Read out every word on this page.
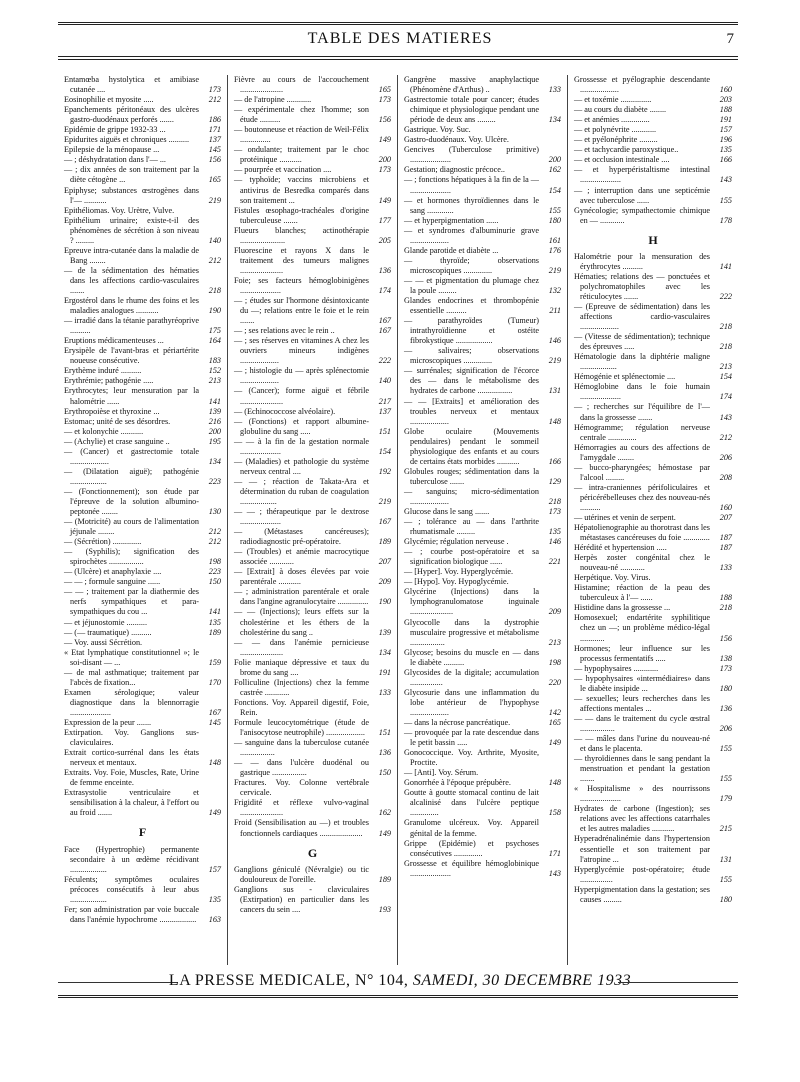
TABLE DES MATIERES	7
Entamœba hystolytica et amibiase cutanée ....	173
Eosinophilie et myosite .....	212
Epanchements péritonéaux des ulcères gastro-duodénaux perforés .......	186
Epidémie de grippe 1932-33 ...	171
Epidurites aiguës et chroniques .......... 137
Epilepsie de la ménopause ...	145
— ; déshydratation dans l'— ...	156
— ; dix années de son traitement par la diète cétogène ...	165
Epiphyse; substances œstrogènes dans l'— ...........	219
Epithéliomas. Voy. Urètre, Vulve.
Epithélium urinaire; existe-t-il des phénomènes de sécrétion à son niveau ? .........	140
Epreuve intra-cutanée dans la maladie de Bang ........	212
— de la sédimentation des hématies dans les affections cardio-vasculaires .......	218
Ergostérol dans le rhume des foins et les maladies analogues ...........	190
— irradié dans la tétanie parathyréoprive ..........	175
Eruptions médicamenteuses ...	164
Erysipèle de l'avant-bras et périartérite noueuse consécutive.	183
Erythème induré ..........	152
Erythrémie; pathogénie .....	213
Erythrocytes; leur mensuration par la halométrie ......	141
Erythropoièse et thyroxine ...	139
Estomac; unité de ses désordres.	216
— et kolonychie ...........	200
— (Achylie) et crase sanguine ..	195
— (Cancer) et gastrectomie totale ...................	134
— (Dilatation aiguë); pathogénie ..................	223
— (Fonctionnement); son étude par l'épreuve de la solution albumino-peptonée ........	130
— (Motricité) au cours de l'alimentation jéjunale ........	212
— (Sécrétion) ..............	212
— (Syphilis); signification des spirochètes .................	198
— (Ulcère) et anaphylaxie ....	223
— — ; formule sanguine ......	150
— — ; traitement par la diathermie des nerfs sympathiques et para-sympathiques du cou ...	141
— et jéjunostomie ..........	135
— (— traumatique) ..........	189
— Voy. aussi Sécrétion.
« Etat lymphatique constitutionnel »; le soi-disant — ...	159
— de mal asthmatique; traitement par l'abcès de fixation...	170
Examen sérologique; valeur diagnostique dans la blennorragie ....................	167
Expression de la peur .......	145
Extirpation. Voy. Ganglions sus-claviculaires.
Extrait cortico-surrénal dans les états nerveux et mentaux.	148
Extraits. Voy. Foie, Muscles, Rate, Urine de femme enceinte.
Extrasystolie ventriculaire et sensibilisation à la chaleur, à l'effort ou au froid .......	149
F
Face (Hypertrophie) permanente secondaire à un œdème récidivant ..................	157
Féculents; symptômes oculaires précoces consécutifs à leur abus ..................	135
Fer; son administration par voie buccale dans l'anémie hypochrome .................. 163
Fièvre au cours de l'accouchement .....................	165
— de l'atropine ............	173
— expérimentale chez l'homme; son étude ..........	156
— boutonneuse et réaction de Weil-Félix ...............	149
— ondulante; traitement par le choc protéinique ...........	200
— pourprée et vaccination ....	173
— typhoïde; vaccins microbiens et antivirus de Besredka comparés dans son traitement ...	149
Fistules œsophago-trachéales d'origine tuberculeuse .......	177
Flueurs blanches; actinothérapie ......................	205
Fluorescine et rayons X dans le traitement des tumeurs malignes .....................	136
Foie; ses facteurs hémoglobinigènes ....................	174
— ; études sur l'hormone désintoxicante du —; relations entre le foie et le rein .......	167
— ; ses relations avec le rein ..	167
— ; ses réserves en vitamines A chez les ouvriers mineurs indigènes ...................	222
— ; histologie du — après splénectomie ...................	140
— (Cancer); forme aiguë et fébrile .....................	217
— (Echinococcose alvéolaire).	137
— (Fonctions) et rapport albumine-globuline du sang .....	151
— — à la fin de la gestation normale ....................	154
— (Maladies) et pathologie du système nerveux central ....	192
— — ; réaction de Takata-Ara et détermination du ruban de coagulation ..................	219
— — ; thérapeutique par le dextrose ....................	167
— (Métastases cancéreuses); radiodiagnostic pré-opératoire.	189
— (Troubles) et anémie macrocytique associée ............	207
— [Extrait] à doses élevées par voie parentérale ...........	209
— ; administration parentérale et orale dans l'angine agranulocytaire ............... 190
— — (Injections); leurs effets sur la cholestérine et les éthers de la cholestérine du sang ..	139
— — dans l'anémie pernicieuse .....................	134
Folie maniaque dépressive et taux du brome du sang ....	191
Folliculine (Injections) chez la femme castrée ............	133
Fonctions. Voy. Appareil digestif, Foie, Rein.
Formule leucocytométrique (étude de l'anisocytose neutrophile) ................... 151
— sanguine dans la tuberculose cutanée .................	136
— — dans l'ulcère duodénal ou gastrique .................	150
Fractures. Voy. Colonne vertébrale cervicale.
Frigidité et réflexe vulvo-vaginal .....................	162
Froid (Sensibilisation au —) et troubles fonctionnels cardiaques ..................... 149
G
Ganglions géniculé (Névralgie) ou tic douloureux de l'oreille.	189
Ganglions sus - claviculaires (Extirpation) en particulier dans les cancers du sein ....	193
Gangrène massive anaphylactique (Phénomène d'Arthus) ..	133
Gastrectomie totale pour cancer; études chimique et physiologique pendant une période de deux ans .........	134
Gastrique. Voy. Suc.
Gastro-duodénaux. Voy. Ulcère.
Gencives (Tuberculose primitive) ....................	200
Gestation; diagnostic précoce..	162
— ; fonctions hépatiques à la fin de la — ....................	154
— et hormones thyroïdiennes dans le sang .............	155
— et hyperpigmentation ......	180
— et syndromes d'albuminurie grave ...................	161
Glande parotide et diabète ...	176
— thyroïde; observations microscopiques ..............	219
— — et pigmentation du plumage chez la poule .........	132
Glandes endocrines et thrombopénie essentielle ..........	211
— parathyroïdes (Tumeur) intrathyroïdienne et ostéite fibrokystique ..................	146
— salivaires; observations microscopiques ..............	219
— surrénales; signification de l'écorce des — dans le métabolisme des hydrates de carbone .................	131
— — [Extraits] et amélioration des troubles nerveux et mentaux ...................	148
Globe oculaire (Mouvements pendulaires) pendant le sommeil physiologique des enfants et au cours de certains états morbides ...........	166
Globules rouges; sédimentation dans la tuberculose .......	129
— sanguins; micro-sédimentation ...................	218
Glucose dans le sang .......	173
— ; tolérance au — dans l'arthrite rhumatismale .........	135
Glycémie; régulation nerveuse .	146
— ; courbe post-opératoire et sa signification biologique ......	221
— [Hyper]. Voy. Hyperglycémie.
— [Hypo]. Voy. Hypoglycémie.
Glycérine (Injections) dans la lymphogranulomatose inguinale .....................	209
Glycocolle dans la dystrophie musculaire progressive et métabolisme .................	213
Glycose; besoins du muscle en — dans le diabète ..........	198
Glycosides de la digitale; accumulation ................	220
Glycosurie dans une inflammation du lobe antérieur de l'hypophyse ...................	142
— dans la nécrose pancréatique.	165
— provoquée par la rate descendue dans le petit bassin .....	149
Gonococcique. Voy. Arthrite, Myosite, Proctite.
— [Anti]. Voy. Sérum.
Gonorrhée à l'époque prépubère.	148
Goutte à goutte stomacal continu de lait alcalinisé dans l'ulcère peptique ..............	158
Granulome ulcéreux. Voy. Appareil génital de la femme.
Grippe (Epidémie) et psychoses consécutives ..............	171
Grossesse et équilibre hémoglobinique ....................	143
Grossesse et pyélographie descendante ...................	160
— et toxémie ...............	203
— au cours du diabète ........	188
— et anémies ..............	191
— et polynévrite ............	157
— et pyélonéphrite .........	196
— et tachycardie paroxystique..	135
— et occlusion intestinale ....	166
— et hyperpéristaltisme intestinal ....................	143
— ; interruption dans une septicémie avec tuberculose ......	155
Gynécologie; sympathectomie chimique en — ............	178
H
Halométrie pour la mensuration des érythrocytes ..........	141
Hématies; relations des — ponctuées et polychromatophiles avec les réticulocytes .......	222
— (Epreuve de sédimentation) dans les affections cardio-vasculaires ...................	218
— (Vitesse de sédimentation); technique des épreuves .....	218
Hématologie dans la diphtérie maligne ..................	213
Hémogénie et splénectomie ....	154
Hémoglobine dans le foie humain ....................	174
— ; recherches sur l'équilibre de l'— dans la grossesse .......	143
Hémogramme; régulation nerveuse centrale ..............	212
Hémorragies au cours des affections de l'amygdale ........	206
— bucco-pharyngées; hémostase par l'alcool .........	208
— intra-craniennes périfoliculaires et péricérébelleuses chez des nouveau-nés ..........	160
— utérines et venin de serpent.	207
Hépatolienographie au thorotrast dans les métastases cancéreuses du foie ............. 187
Hérédité et hypertension .....	187
Herpès zoster congénital chez le nouveau-né ............	133
Herpétique. Voy. Virus.
Histamine; réaction de la peau des tuberculeux à l'— ......	188
Histidine dans la grossesse ...	218
Homosexuel; endartérite syphilitique chez un —; un problème médico-légal ............	156
Hormones; leur influence sur les processus fermentatifs .....	138
— hypophysaires ............	173
— hypophysaires «intermédiaires» dans le diabète insipide ...	180
— sexuelles; leurs recherches dans les affections mentales ...	136
— — dans le traitement du cycle œstral .................	206
— — mâles dans l'urine du nouveau-né et dans le placenta.	155
— thyroïdiennes dans le sang pendant la menstruation et pendant la gestation .......	155
« Hospitalisme » des nourrissons ....................	179
Hydrates de carbone (Ingestion); ses relations avec les affections catarrhales et les autres maladies ...........	215
Hyperadrénalinémie dans l'hypertension essentielle et son traitement par l'atropine ...	131
Hyperglycémie post-opératoire; étude ................	155
Hyperpigmentation dans la gestation; ses causes .........	180
LA PRESSE MEDICALE, N° 104, SAMEDI, 30 DECEMBRE 1933
